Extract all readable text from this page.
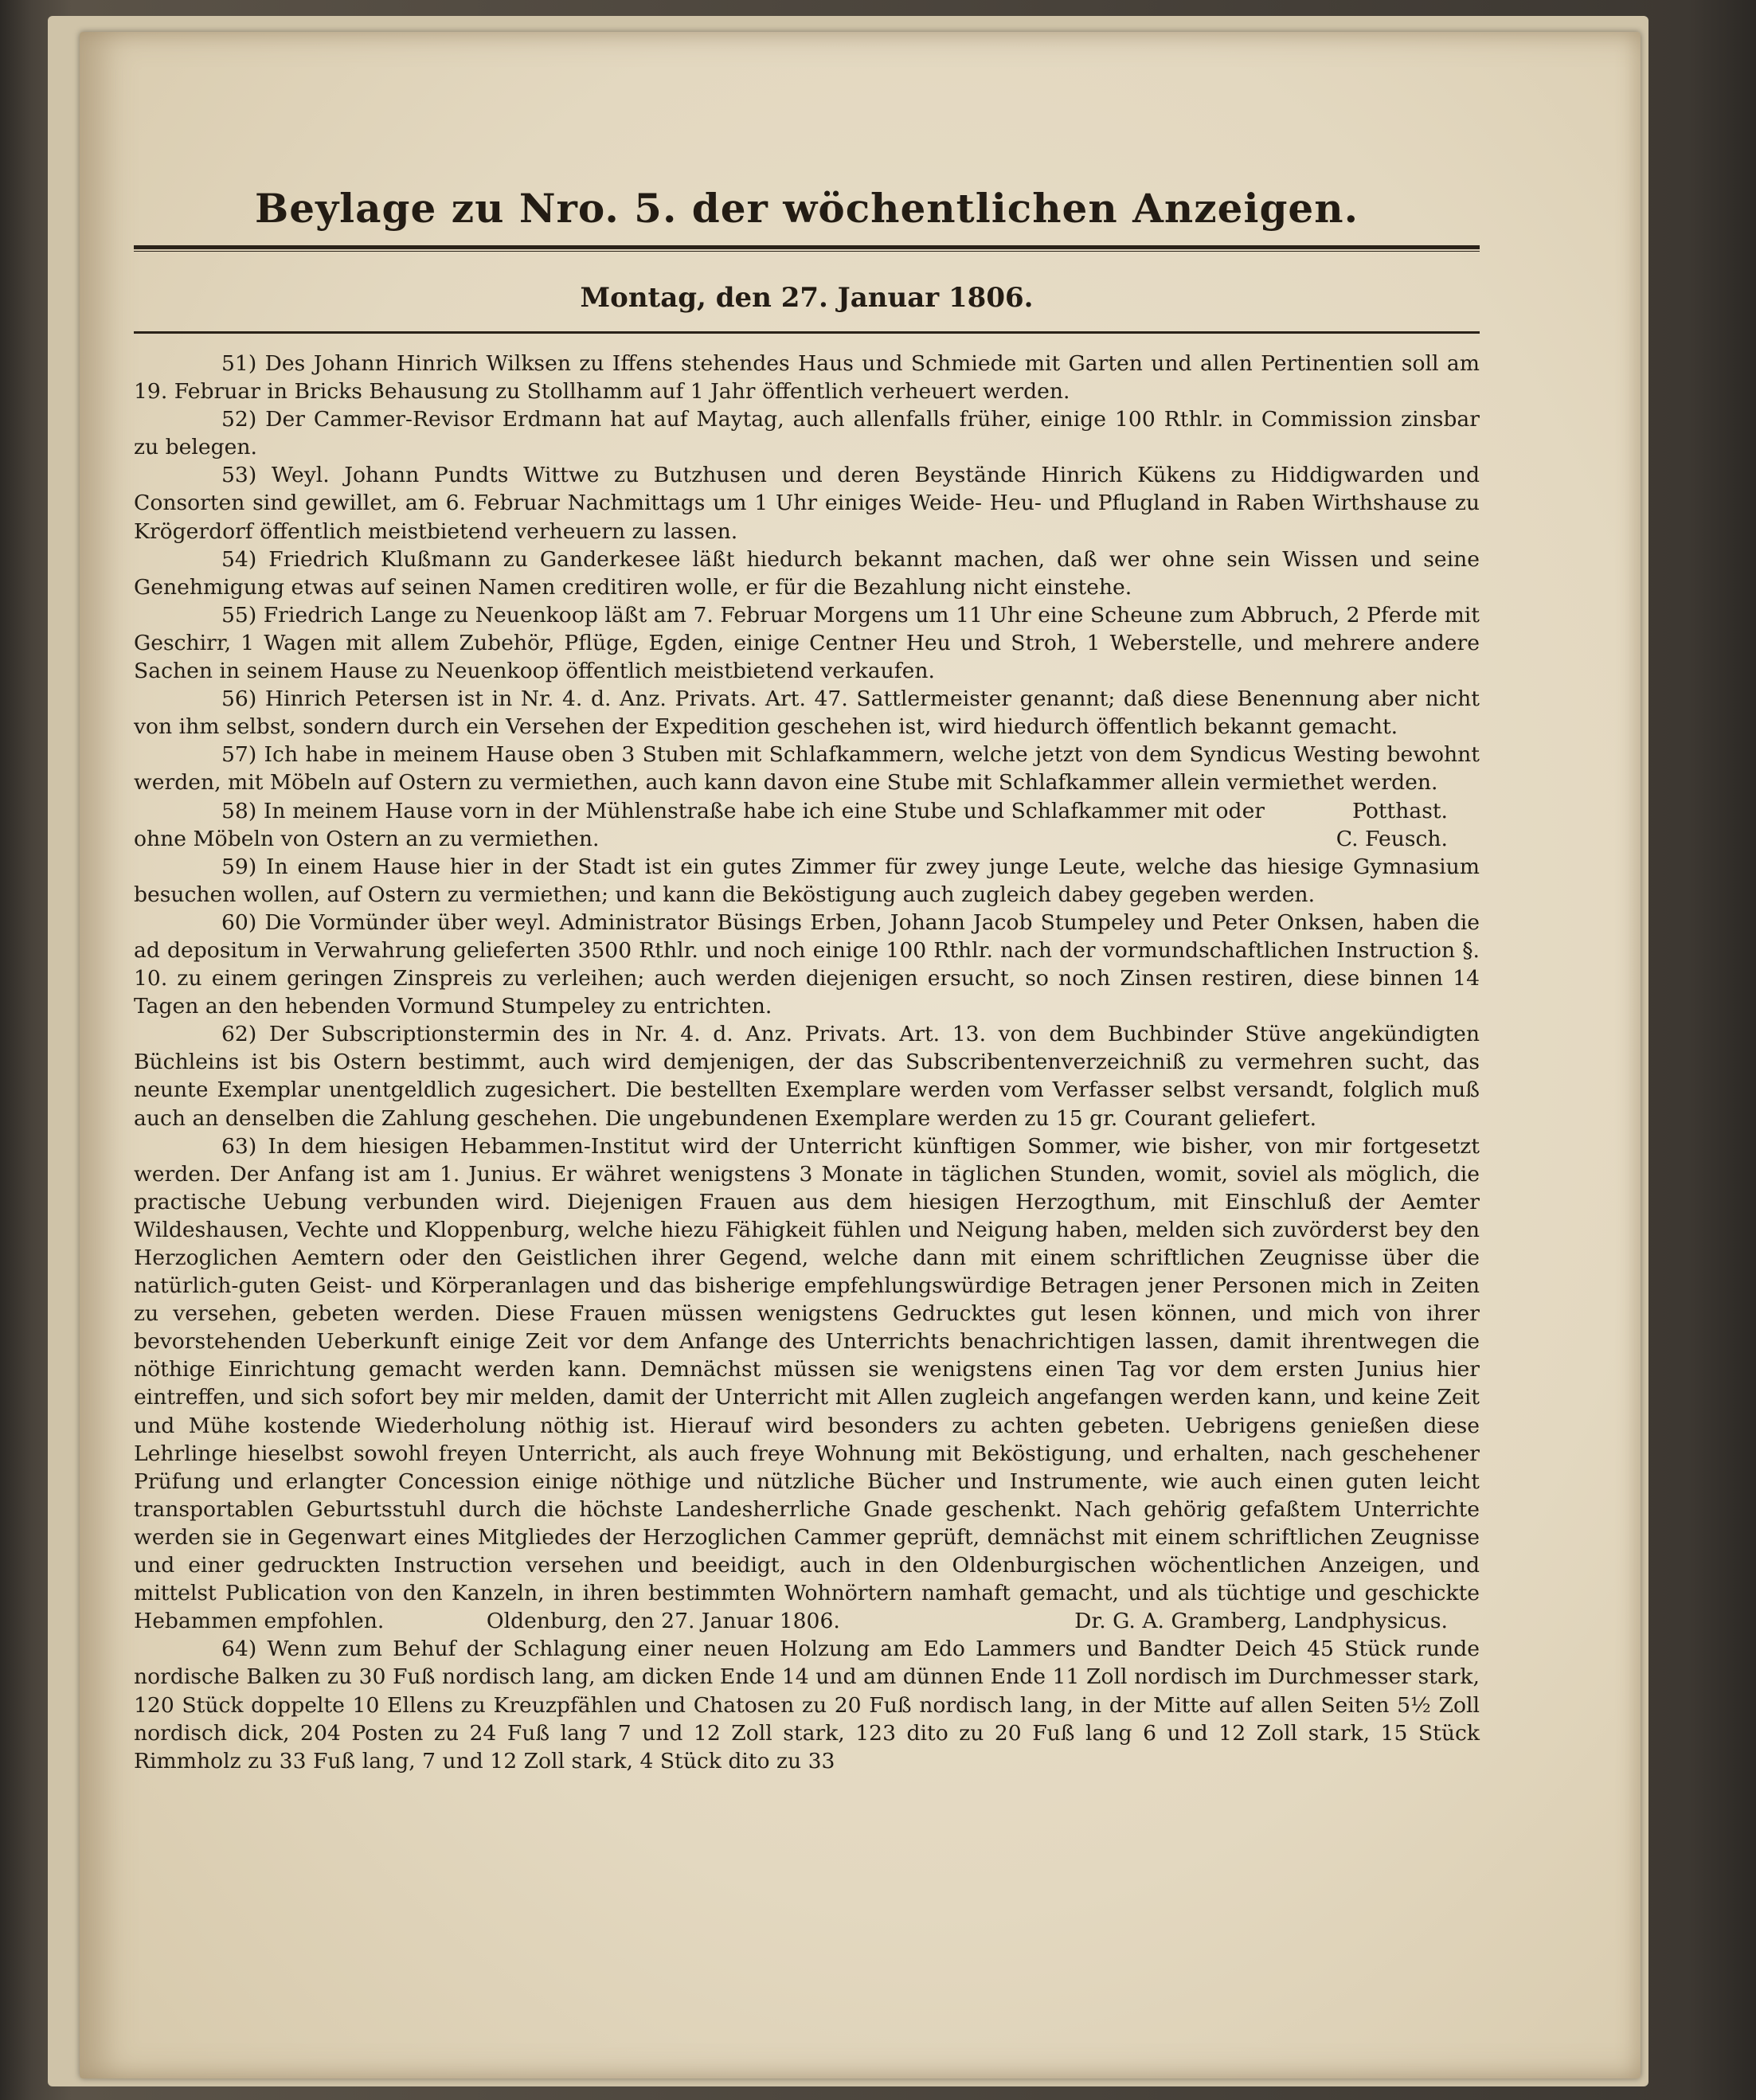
Beylage zu Nro. 5. der wöchentlichen Anzeigen.
Montag, den 27. Januar 1806.

51) Des Johann Hinrich Wilksen zu Iffens stehendes Haus und Schmiede mit Garten und allen Pertinentien soll am 19. Februar in Bricks Behausung zu Stollhamm auf 1 Jahr öffentlich verheuert werden.

52) Der Cammer-Revisor Erdmann hat auf Maytag, auch allenfalls früher, einige 100 Rthlr. in Commission zinsbar zu belegen.

53) Weyl. Johann Pundts Wittwe zu Butzhusen und deren Beystände Hinrich Kükens zu Hiddigwarden und Consorten sind gewillet, am 6. Februar Nachmittags um 1 Uhr einiges Weide- Heu- und Pflugland in Raben Wirthshause zu Krögerdorf öffentlich meistbietend verheuern zu lassen.

54) Friedrich Klußmann zu Ganderkesee läßt hiedurch bekannt machen, daß wer ohne sein Wissen und seine Genehmigung etwas auf seinen Namen creditiren wolle, er für die Bezahlung nicht einstehe.

55) Friedrich Lange zu Neuenkoop läßt am 7. Februar Morgens um 11 Uhr eine Scheune zum Abbruch, 2 Pferde mit Geschirr, 1 Wagen mit allem Zubehör, Pflüge, Egden, einige Centner Heu und Stroh, 1 Weberstelle, und mehrere andere Sachen in seinem Hause zu Neuenkoop öffentlich meistbietend verkaufen.

56) Hinrich Petersen ist in Nr. 4. d. Anz. Privats. Art. 47. Sattlermeister genannt; daß diese Benennung aber nicht von ihm selbst, sondern durch ein Versehen der Expedition geschehen ist, wird hiedurch öffentlich bekannt gemacht.

57) Ich habe in meinem Hause oben 3 Stuben mit Schlafkammern, welche jetzt von dem Syndicus Westing bewohnt werden, mit Möbeln auf Ostern zu vermiethen, auch kann davon eine Stube mit Schlafkammer allein vermiethet werden.
Potthast.

58) In meinem Hause vorn in der Mühlenstraße habe ich eine Stube und Schlafkammer mit oder ohne Möbeln von Ostern an zu vermiethen.	C. Feusch.

59) In einem Hause hier in der Stadt ist ein gutes Zimmer für zwey junge Leute, welche das hiesige Gymnasium besuchen wollen, auf Ostern zu vermiethen; und kann die Beköstigung auch zugleich dabey gegeben werden.

60) Die Vormünder über weyl. Administrator Büsings Erben, Johann Jacob Stumpeley und Peter Onksen, haben die ad depositum in Verwahrung gelieferten 3500 Rthlr. und noch einige 100 Rthlr. nach der vormundschaftlichen Instruction §. 10. zu einem geringen Zinspreis zu verleihen; auch werden diejenigen ersucht, so noch Zinsen restiren, diese binnen 14 Tagen an den hebenden Vormund Stumpeley zu entrichten.

62) Der Subscriptionstermin des in Nr. 4. d. Anz. Privats. Art. 13. von dem Buchbinder Stüve angekündigten Büchleins ist bis Ostern bestimmt, auch wird demjenigen, der das Subscribentenverzeichniß zu vermehren sucht, das neunte Exemplar unentgeldlich zugesichert. Die bestellten Exemplare werden vom Verfasser selbst versandt, folglich muß auch an denselben die Zahlung geschehen. Die ungebundenen Exemplare werden zu 15 gr. Courant geliefert.

63) In dem hiesigen Hebammen-Institut wird der Unterricht künftigen Sommer, wie bisher, von mir fortgesetzt werden. Der Anfang ist am 1. Junius. Er währet wenigstens 3 Monate in täglichen Stunden, womit, soviel als möglich, die practische Uebung verbunden wird. Diejenigen Frauen aus dem hiesigen Herzogthum, mit Einschluß der Aemter Wildeshausen, Vechte und Kloppenburg, welche hiezu Fähigkeit fühlen und Neigung haben, melden sich zuvörderst bey den Herzoglichen Aemtern oder den Geistlichen ihrer Gegend, welche dann mit einem schriftlichen Zeugnisse über die natürlich-guten Geist- und Körperanlagen und das bisherige empfehlungswürdige Betragen jener Personen mich in Zeiten zu versehen, gebeten werden. Diese Frauen müssen wenigstens Gedrucktes gut lesen können, und mich von ihrer bevorstehenden Ueberkunft einige Zeit vor dem Anfange des Unterrichts benachrichtigen lassen, damit ihrentwegen die nöthige Einrichtung gemacht werden kann. Demnächst müssen sie wenigstens einen Tag vor dem ersten Junius hier eintreffen, und sich sofort bey mir melden, damit der Unterricht mit Allen zugleich angefangen werden kann, und keine Zeit und Mühe kostende Wiederholung nöthig ist. Hierauf wird besonders zu achten gebeten. Uebrigens genießen diese Lehrlinge hieselbst sowohl freyen Unterricht, als auch freye Wohnung mit Beköstigung, und erhalten, nach geschehener Prüfung und erlangter Concession einige nöthige und nützliche Bücher und Instrumente, wie auch einen guten leicht transportablen Geburtsstuhl durch die höchste Landesherrliche Gnade geschenkt. Nach gehörig gefaßtem Unterrichte werden sie in Gegenwart eines Mitgliedes der Herzoglichen Cammer geprüft, demnächst mit einem schriftlichen Zeugnisse und einer gedruckten Instruction versehen und beeidigt, auch in den Oldenburgischen wöchentlichen Anzeigen, und mittelst Publication von den Kanzeln, in ihren bestimmten Wohnörtern namhaft gemacht, und als tüchtige und geschickte Hebammen empfohlen.	Oldenburg, den 27. Januar 1806.	Dr. G. A. Gramberg, Landphysicus.

64) Wenn zum Behuf der Schlagung einer neuen Holzung am Edo Lammers und Bandter Deich 45 Stück runde nordische Balken zu 30 Fuß nordisch lang, am dicken Ende 14 und am dünnen Ende 11 Zoll nordisch im Durchmesser stark, 120 Stück doppelte 10 Ellens zu Kreuzpfählen und Chatosen zu 20 Fuß nordisch lang, in der Mitte auf allen Seiten 5½ Zoll nordisch dick, 204 Posten zu 24 Fuß lang 7 und 12 Zoll stark, 123 dito zu 20 Fuß lang 6 und 12 Zoll stark, 15 Stück Rimmholz zu 33 Fuß lang, 7 und 12 Zoll stark, 4 Stück dito zu 33
